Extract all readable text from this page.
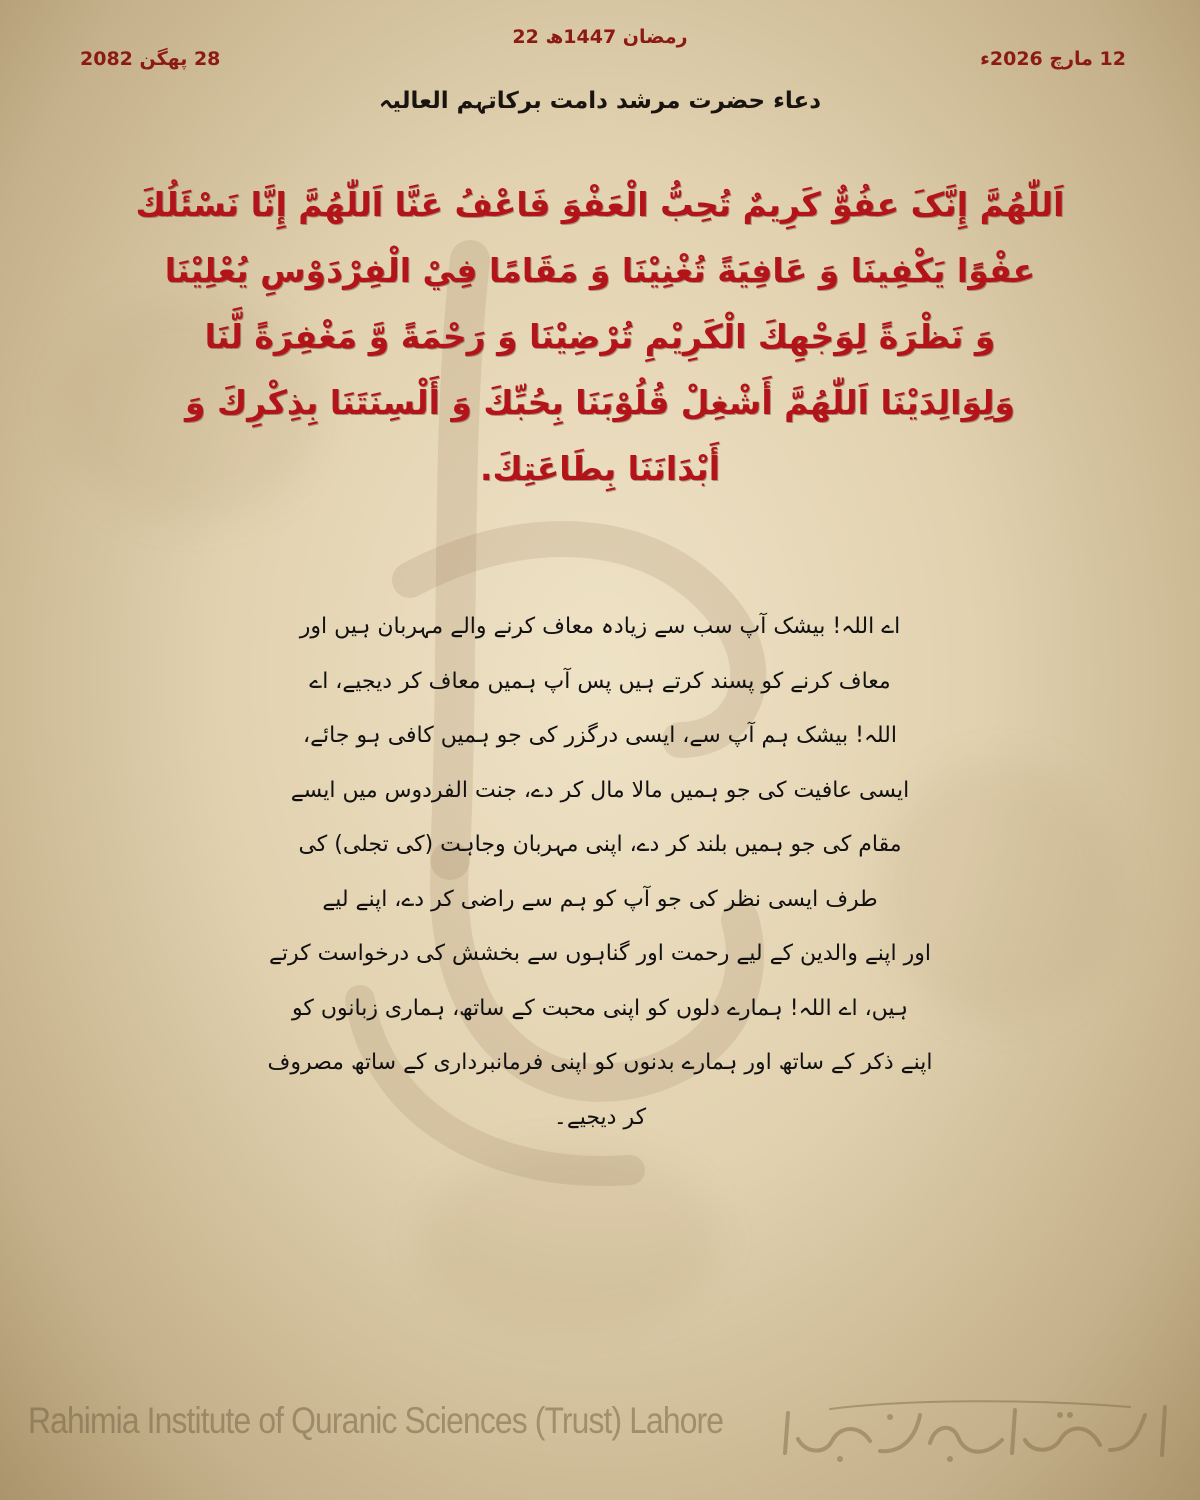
22 رمضان 1447ھ
12 مارچ 2026ء
28 پھگن 2082
دعاء حضرت مرشد دامت برکاتہم العالیہ
اَللّٰھُمَّ إِنَّکَ عفُوٌّ کَرِیمٌ تُحِبُّ الْعَفْوَ فَاعْفُ عَنَّا اَللّٰھُمَّ إِنَّا نَسْئَلُكَ
عفْوًا يَكْفِينَا وَ عَافِيَةً تُغْنِيْنَا وَ مَقَامًا فِيْ الْفِرْدَوْسِ يُعْلِيْنَا
وَ نَظْرَةً لِوَجْهِكَ الْكَرِيْمِ تُرْضِيْنَا وَ رَحْمَةً وَّ مَغْفِرَةً لَّنَا
وَلِوَالِدَيْنَا اَللّٰھُمَّ أَشْغِلْ قُلُوْبَنَا بِحُبِّكَ وَ أَلْسِنَتَنَا بِذِكْرِكَ وَ
أَبْدَانَنَا بِطَاعَتِكَ.
اے اللہ! بیشک آپ سب سے زیادہ معاف کرنے والے مہربان ہیں اور
معاف کرنے کو پسند کرتے ہیں پس آپ ہمیں معاف کر دیجیے، اے
اللہ! بیشک ہم آپ سے، ایسی درگزر کی جو ہمیں کافی ہو جائے،
ایسی عافیت کی جو ہمیں مالا مال کر دے، جنت الفردوس میں ایسے
مقام کی جو ہمیں بلند کر دے، اپنی مہربان وجاہت (کی تجلی) کی
طرف ایسی نظر کی جو آپ کو ہم سے راضی کر دے، اپنے لیے
اور اپنے والدین کے لیے رحمت اور گناہوں سے بخشش کی درخواست کرتے
ہیں، اے اللہ! ہمارے دلوں کو اپنی محبت کے ساتھ، ہماری زبانوں کو
اپنے ذکر کے ساتھ اور ہمارے بدنوں کو اپنی فرمانبرداری کے ساتھ مصروف
کر دیجیے۔
Rahimia Institute of Quranic Sciences (Trust) Lahore
ادارہ رحیمیہ علوم قرآنیہ لاہور
